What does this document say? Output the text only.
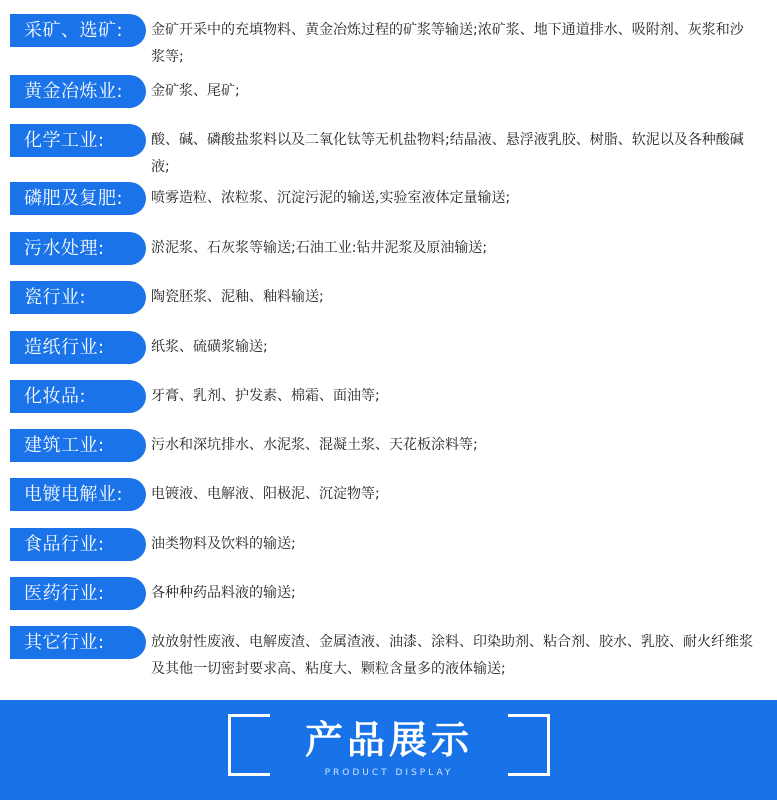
采矿、选矿:	金矿开采中的充填物料、黄金冶炼过程的矿浆等输送;浓矿浆、地下通道排水、吸附剂、灰浆和沙浆等;
黄金冶炼业:	金矿浆、尾矿;
化学工业:	酸、碱、磷酸盐浆料以及二氧化钛等无机盐物料;结晶液、悬浮液乳胶、树脂、软泥以及各种酸碱液;
磷肥及复肥:	喷雾造粒、浓粒浆、沉淀污泥的输送,实验室液体定量输送;
污水处理:	淤泥浆、石灰浆等输送;石油工业:钻井泥浆及原油输送;
瓷行业:	陶瓷胚浆、泥釉、釉料输送;
造纸行业:	纸浆、硫磺浆输送;
化妆品:	牙膏、乳剂、护发素、棉霜、面油等;
建筑工业:	污水和深坑排水、水泥浆、混凝土浆、天花板涂料等;
电镀电解业:	电镀液、电解液、阳极泥、沉淀物等;
食品行业:	油类物料及饮料的输送;
医药行业:	各种种药品料液的输送;
其它行业:	放放射性废液、电解废渣、金属渣液、油漆、涂料、印染助剂、粘合剂、胶水、乳胶、耐火纤维浆及其他一切密封要求高、粘度大、颗粒含量多的液体输送;
产品展示
PRODUCT DISPLAY
